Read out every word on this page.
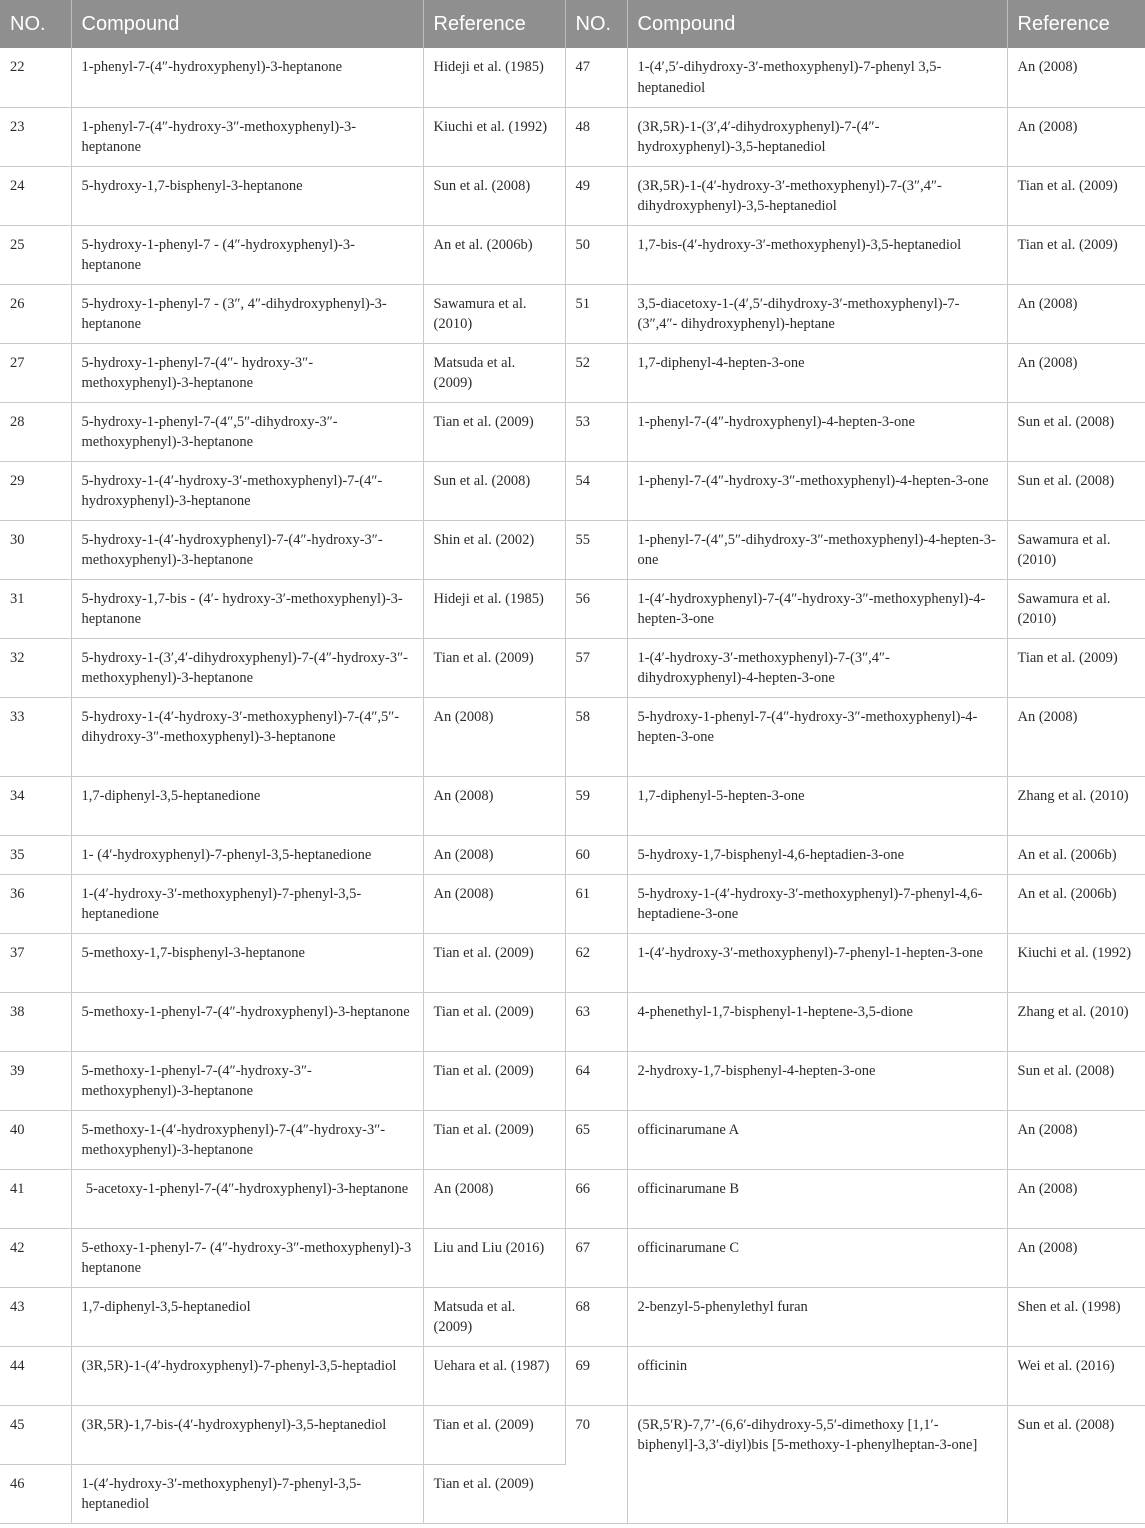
NO.	Compound	Reference	NO.	Compound	Reference
22	1-phenyl-7-(4″-hydroxyphenyl)-3-heptanone	Hideji et al. (1985)	47	1-(4′,5′-dihydroxy-3′-methoxyphenyl)-7-phenyl 3,5-heptanediol	An (2008)
23	1-phenyl-7-(4″-hydroxy-3″-methoxyphenyl)-3-heptanone	Kiuchi et al. (1992)	48	(3R,5R)-1-(3′,4′-dihydroxyphenyl)-7-(4″-hydroxyphenyl)-3,5-heptanediol	An (2008)
24	5-hydroxy-1,7-bisphenyl-3-heptanone	Sun et al. (2008)	49	(3R,5R)-1-(4′-hydroxy-3′-methoxyphenyl)-7-(3″,4″-dihydroxyphenyl)-3,5-heptanediol	Tian et al. (2009)
25	5-hydroxy-1-phenyl-7 - (4″-hydroxyphenyl)-3-heptanone	An et al. (2006b)	50	1,7-bis-(4′-hydroxy-3′-methoxyphenyl)-3,5-heptanediol	Tian et al. (2009)
26	5-hydroxy-1-phenyl-7 - (3″, 4″-dihydroxyphenyl)-3-heptanone	Sawamura et al. (2010)	51	3,5-diacetoxy-1-(4′,5′-dihydroxy-3′-methoxyphenyl)-7-(3″,4″- dihydroxyphenyl)-heptane	An (2008)
27	5-hydroxy-1-phenyl-7-(4″- hydroxy-3″-methoxyphenyl)-3-heptanone	Matsuda et al. (2009)	52	1,7-diphenyl-4-hepten-3-one	An (2008)
28	5-hydroxy-1-phenyl-7-(4″,5″-dihydroxy-3″-methoxyphenyl)-3-heptanone	Tian et al. (2009)	53	1-phenyl-7-(4″-hydroxyphenyl)-4-hepten-3-one	Sun et al. (2008)
29	5-hydroxy-1-(4′-hydroxy-3′-methoxyphenyl)-7-(4″-hydroxyphenyl)-3-heptanone	Sun et al. (2008)	54	1-phenyl-7-(4″-hydroxy-3″-methoxyphenyl)-4-hepten-3-one	Sun et al. (2008)
30	5-hydroxy-1-(4′-hydroxyphenyl)-7-(4″-hydroxy-3″-methoxyphenyl)-3-heptanone	Shin et al. (2002)	55	1-phenyl-7-(4″,5″-dihydroxy-3″-methoxyphenyl)-4-hepten-3-one	Sawamura et al. (2010)
31	5-hydroxy-1,7-bis - (4′- hydroxy-3′-methoxyphenyl)-3-heptanone	Hideji et al. (1985)	56	1-(4′-hydroxyphenyl)-7-(4″-hydroxy-3″-methoxyphenyl)-4-hepten-3-one	Sawamura et al. (2010)
32	5-hydroxy-1-(3′,4′-dihydroxyphenyl)-7-(4″-hydroxy-3″- methoxyphenyl)-3-heptanone	Tian et al. (2009)	57	1-(4′-hydroxy-3′-methoxyphenyl)-7-(3″,4″-dihydroxyphenyl)-4-hepten-3-one	Tian et al. (2009)
33	5-hydroxy-1-(4′-hydroxy-3′-methoxyphenyl)-7-(4″,5″-dihydroxy-3″-methoxyphenyl)-3-heptanone	An (2008)	58	5-hydroxy-1-phenyl-7-(4″-hydroxy-3″-methoxyphenyl)-4-hepten-3-one	An (2008)
34	1,7-diphenyl-3,5-heptanedione	An (2008)	59	1,7-diphenyl-5-hepten-3-one	Zhang et al. (2010)
35	1- (4′-hydroxyphenyl)-7-phenyl-3,5-heptanedione	An (2008)	60	5-hydroxy-1,7-bisphenyl-4,6-heptadien-3-one	An et al. (2006b)
36	1-(4′-hydroxy-3′-methoxyphenyl)-7-phenyl-3,5-heptanedione	An (2008)	61	5-hydroxy-1-(4′-hydroxy-3′-methoxyphenyl)-7-phenyl-4,6-heptadiene-3-one	An et al. (2006b)
37	5-methoxy-1,7-bisphenyl-3-heptanone	Tian et al. (2009)	62	1-(4′-hydroxy-3′-methoxyphenyl)-7-phenyl-1-hepten-3-one	Kiuchi et al. (1992)
38	5-methoxy-1-phenyl-7-(4″-hydroxyphenyl)-3-heptanone	Tian et al. (2009)	63	4-phenethyl-1,7-bisphenyl-1-heptene-3,5-dione	Zhang et al. (2010)
39	5-methoxy-1-phenyl-7-(4″-hydroxy-3″-methoxyphenyl)-3-heptanone	Tian et al. (2009)	64	2-hydroxy-1,7-bisphenyl-4-hepten-3-one	Sun et al. (2008)
40	5-methoxy-1-(4′-hydroxyphenyl)-7-(4″-hydroxy-3″-methoxyphenyl)-3-heptanone	Tian et al. (2009)	65	officinarumane A	An (2008)
41	5-acetoxy-1-phenyl-7-(4″-hydroxyphenyl)-3-heptanone	An (2008)	66	officinarumane B	An (2008)
42	5-ethoxy-1-phenyl-7- (4″-hydroxy-3″-methoxyphenyl)-3 heptanone	Liu and Liu (2016)	67	officinarumane C	An (2008)
43	1,7-diphenyl-3,5-heptanediol	Matsuda et al. (2009)	68	2-benzyl-5-phenylethyl furan	Shen et al. (1998)
44	(3R,5R)-1-(4′-hydroxyphenyl)-7-phenyl-3,5-heptadiol	Uehara et al. (1987)	69	officinin	Wei et al. (2016)
45	(3R,5R)-1,7-bis-(4′-hydroxyphenyl)-3,5-heptanediol	Tian et al. (2009)	70	(5R,5′R)-7,7’-(6,6′-dihydroxy-5,5′-dimethoxy [1,1′-biphenyl]-3,3′-diyl)bis [5-methoxy-1-phenylheptan-3-one]	Sun et al. (2008)
46	1-(4′-hydroxy-3′-methoxyphenyl)-7-phenyl-3,5-heptanediol	Tian et al. (2009)			
